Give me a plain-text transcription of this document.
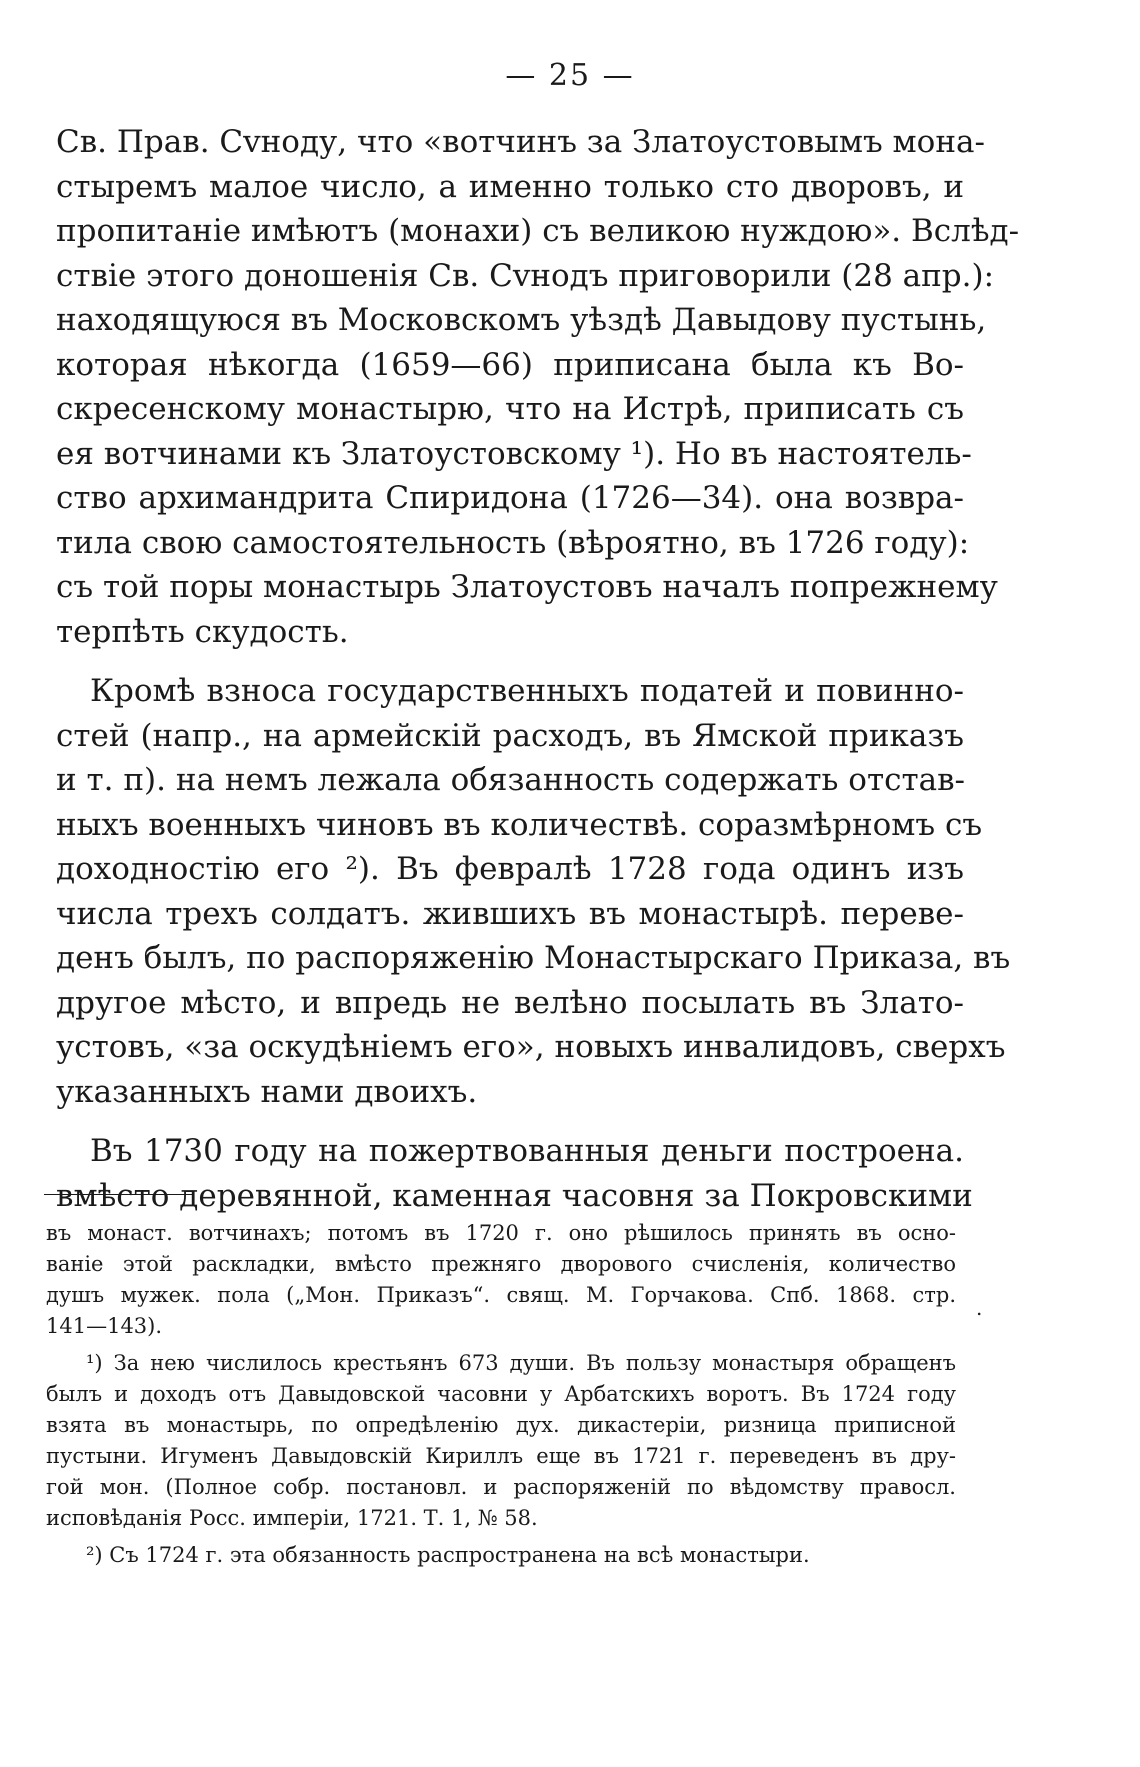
— 25 —
Св. Прав. Сvноду, что «вотчинъ за Златоустовымъ мона-
стыремъ малое число, а именно только сто дворовъ, и
пропитаніе имѣютъ (монахи) съ великою нуждою». Вслѣд-
ствіе этого доношенія Св. Сvнодъ приговорили (28 апр.):
находящуюся въ Московскомъ уѣздѣ Давыдову пустынь,
которая нѣкогда (1659—66) приписана была къ Во-
скресенскому монастырю, что на Истрѣ, приписать съ
ея вотчинами къ Златоустовскому ¹). Но въ настоятель-
ство архимандрита Спиридона (1726—34). она возвра-
тила свою самостоятельность (вѣроятно, въ 1726 году):
съ той поры монастырь Златоустовъ началъ попрежнему
терпѣть скудость.
Кромѣ взноса государственныхъ податей и повинно-
стей (напр., на армейскій расходъ, въ Ямской приказъ
и т. п). на немъ лежала обязанность содержать отстав-
ныхъ военныхъ чиновъ въ количествѣ. соразмѣрномъ съ
доходностію его ²). Въ февралѣ 1728 года одинъ изъ
числа трехъ солдатъ. жившихъ въ монастырѣ. переве-
денъ былъ, по распоряженію Монастырскаго Приказа, въ
другое мѣсто, и впредь не велѣно посылать въ Злато-
устовъ, «за оскудѣніемъ его», новыхъ инвалидовъ, сверхъ
указанныхъ нами двоихъ.
Въ 1730 году на пожертвованныя деньги построена.
вмѣсто деревянной, каменная часовня за Покровскими
въ монаст. вотчинахъ; потомъ въ 1720 г. оно рѣшилось принять въ осно-
ваніе этой раскладки, вмѣсто прежняго дворового счисленія, количество
душъ мужек. пола („Мон. Приказъ“. свящ. М. Горчакова. Спб. 1868. стр.
141—143).
¹) За нею числилось крестьянъ 673 души. Въ пользу монастыря обращенъ
былъ и доходъ отъ Давыдовской часовни у Арбатскихъ воротъ. Въ 1724 году
взята въ монастырь, по опредѣленію дух. дикастеріи, ризница приписной
пустыни. Игуменъ Давыдовскій Кириллъ еще въ 1721 г. переведенъ въ дру-
гой мон. (Полное собр. постановл. и распоряженій по вѣдомству правосл.
исповѣданія Росс. имперіи, 1721. Т. 1, № 58.
²) Съ 1724 г. эта обязанность распространена на всѣ монастыри.
.
